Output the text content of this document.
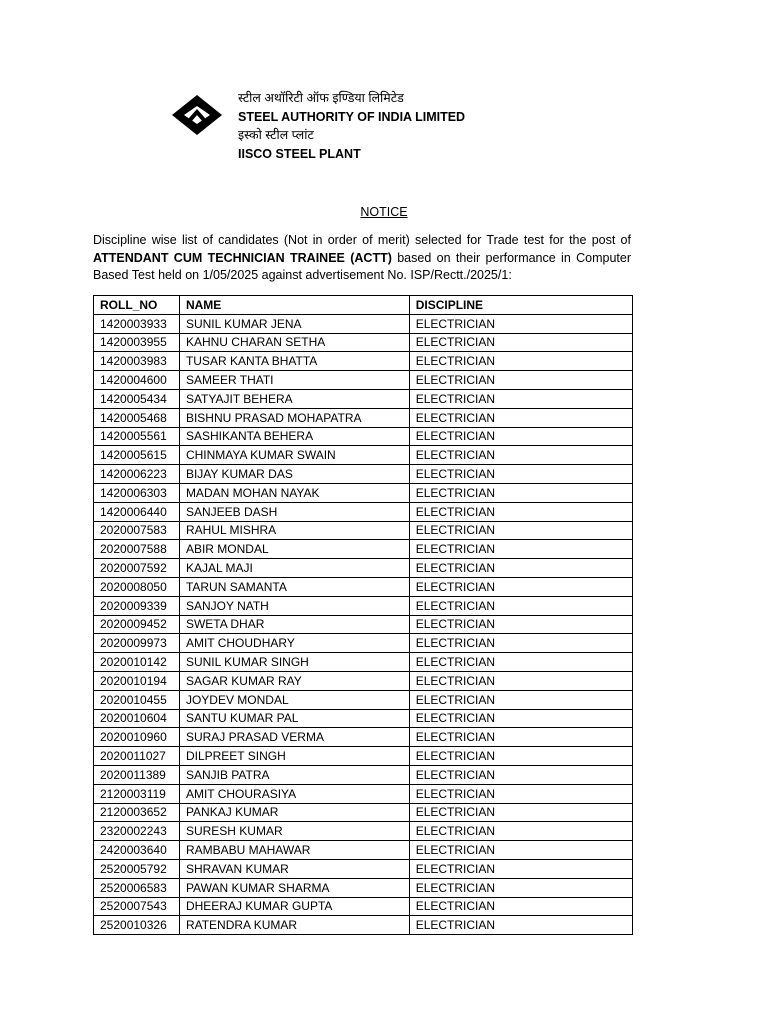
स्टील अथॉरिटी ऑफ इण्डिया लिमिटेड
STEEL AUTHORITY OF INDIA LIMITED
इस्को स्टील प्लांट
IISCO STEEL PLANT
NOTICE
Discipline wise list of candidates (Not in order of merit) selected for Trade test for the post of ATTENDANT CUM TECHNICIAN TRAINEE (ACTT) based on their performance in Computer Based Test held on 1/05/2025 against advertisement No. ISP/Rectt./2025/1:
ROLL_NO	NAME	DISCIPLINE
1420003933	SUNIL KUMAR JENA	ELECTRICIAN
1420003955	KAHNU CHARAN SETHA	ELECTRICIAN
1420003983	TUSAR KANTA BHATTA	ELECTRICIAN
1420004600	SAMEER THATI	ELECTRICIAN
1420005434	SATYAJIT BEHERA	ELECTRICIAN
1420005468	BISHNU PRASAD MOHAPATRA	ELECTRICIAN
1420005561	SASHIKANTA BEHERA	ELECTRICIAN
1420005615	CHINMAYA KUMAR SWAIN	ELECTRICIAN
1420006223	BIJAY KUMAR DAS	ELECTRICIAN
1420006303	MADAN MOHAN NAYAK	ELECTRICIAN
1420006440	SANJEEB DASH	ELECTRICIAN
2020007583	RAHUL MISHRA	ELECTRICIAN
2020007588	ABIR MONDAL	ELECTRICIAN
2020007592	KAJAL MAJI	ELECTRICIAN
2020008050	TARUN SAMANTA	ELECTRICIAN
2020009339	SANJOY NATH	ELECTRICIAN
2020009452	SWETA DHAR	ELECTRICIAN
2020009973	AMIT CHOUDHARY	ELECTRICIAN
2020010142	SUNIL KUMAR SINGH	ELECTRICIAN
2020010194	SAGAR KUMAR RAY	ELECTRICIAN
2020010455	JOYDEV MONDAL	ELECTRICIAN
2020010604	SANTU KUMAR PAL	ELECTRICIAN
2020010960	SURAJ PRASAD VERMA	ELECTRICIAN
2020011027	DILPREET SINGH	ELECTRICIAN
2020011389	SANJIB PATRA	ELECTRICIAN
2120003119	AMIT CHOURASIYA	ELECTRICIAN
2120003652	PANKAJ KUMAR	ELECTRICIAN
2320002243	SURESH KUMAR	ELECTRICIAN
2420003640	RAMBABU MAHAWAR	ELECTRICIAN
2520005792	SHRAVAN KUMAR	ELECTRICIAN
2520006583	PAWAN KUMAR SHARMA	ELECTRICIAN
2520007543	DHEERAJ KUMAR GUPTA	ELECTRICIAN
2520010326	RATENDRA KUMAR	ELECTRICIAN
